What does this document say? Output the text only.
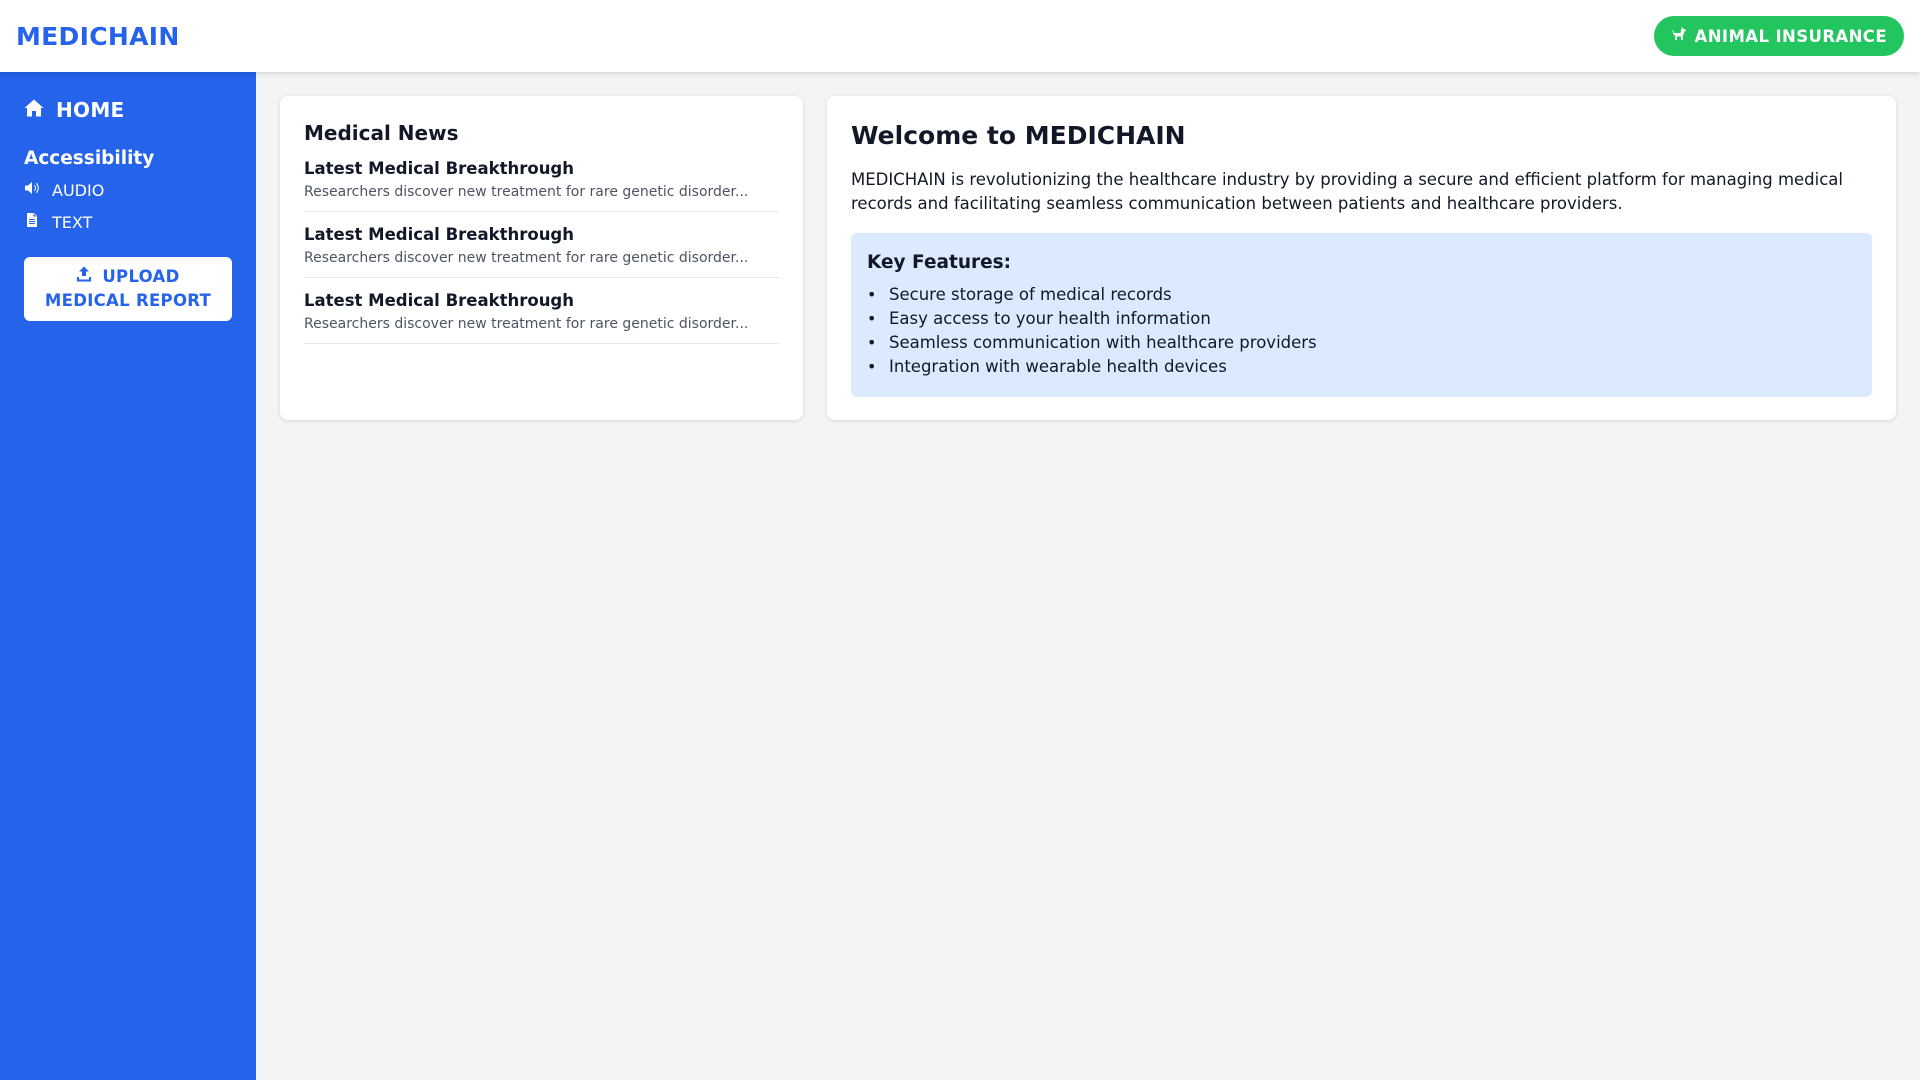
MEDICHAIN	ANIMAL INSURANCE
HOME
Accessibility
AUDIO
TEXT
UPLOAD
MEDICAL REPORT
Medical News
Latest Medical Breakthrough
Researchers discover new treatment for rare genetic disorder...
Latest Medical Breakthrough
Researchers discover new treatment for rare genetic disorder...
Latest Medical Breakthrough
Researchers discover new treatment for rare genetic disorder...
Welcome to MEDICHAIN

MEDICHAIN is revolutionizing the healthcare industry by providing a secure and efficient platform for managing medical records and facilitating seamless communication between patients and healthcare providers.

Key Features:
• Secure storage of medical records
• Easy access to your health information
• Seamless communication with healthcare providers
• Integration with wearable health devices
